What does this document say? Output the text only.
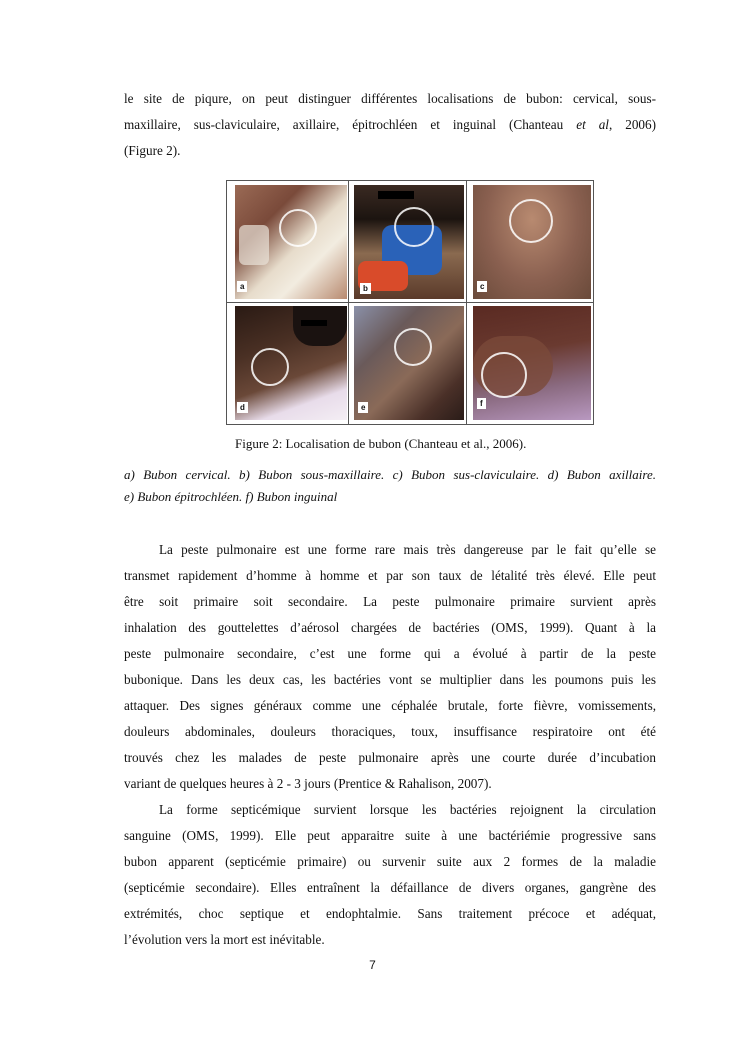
le site de piqure, on peut distinguer différentes localisations de bubon: cervical, sous-
maxillaire, sus-claviculaire, axillaire, épitrochléen et inguinal (Chanteau et al, 2006)
(Figure 2).
a	b	c
d	e	f
Figure 2: Localisation de bubon (Chanteau et al., 2006).
a) Bubon cervical. b) Bubon sous-maxillaire. c) Bubon sus-claviculaire. d) Bubon axillaire.
e) Bubon épitrochléen. f) Bubon inguinal
La peste pulmonaire est une forme rare mais très dangereuse par le fait qu’elle se
transmet rapidement d’homme à homme et par son taux de létalité très élevé. Elle peut
être soit primaire soit secondaire. La peste pulmonaire primaire survient après
inhalation des gouttelettes d’aérosol chargées de bactéries (OMS, 1999). Quant à la
peste pulmonaire secondaire, c’est une forme qui a évolué à partir de la peste
bubonique. Dans les deux cas, les bactéries vont se multiplier dans les poumons puis les
attaquer. Des signes généraux comme une céphalée brutale, forte fièvre, vomissements,
douleurs abdominales, douleurs thoraciques, toux, insuffisance respiratoire ont été
trouvés chez les malades de peste pulmonaire après une courte durée d’incubation
variant de quelques heures à 2 - 3 jours (Prentice & Rahalison, 2007).
La forme septicémique survient lorsque les bactéries rejoignent la circulation
sanguine (OMS, 1999). Elle peut apparaitre suite à une bactériémie progressive sans
bubon apparent (septicémie primaire) ou survenir suite aux 2 formes de la maladie
(septicémie secondaire). Elles entraînent la défaillance de divers organes, gangrène des
extrémités, choc septique et endophtalmie. Sans traitement précoce et adéquat,
l’évolution vers la mort est inévitable.
7
